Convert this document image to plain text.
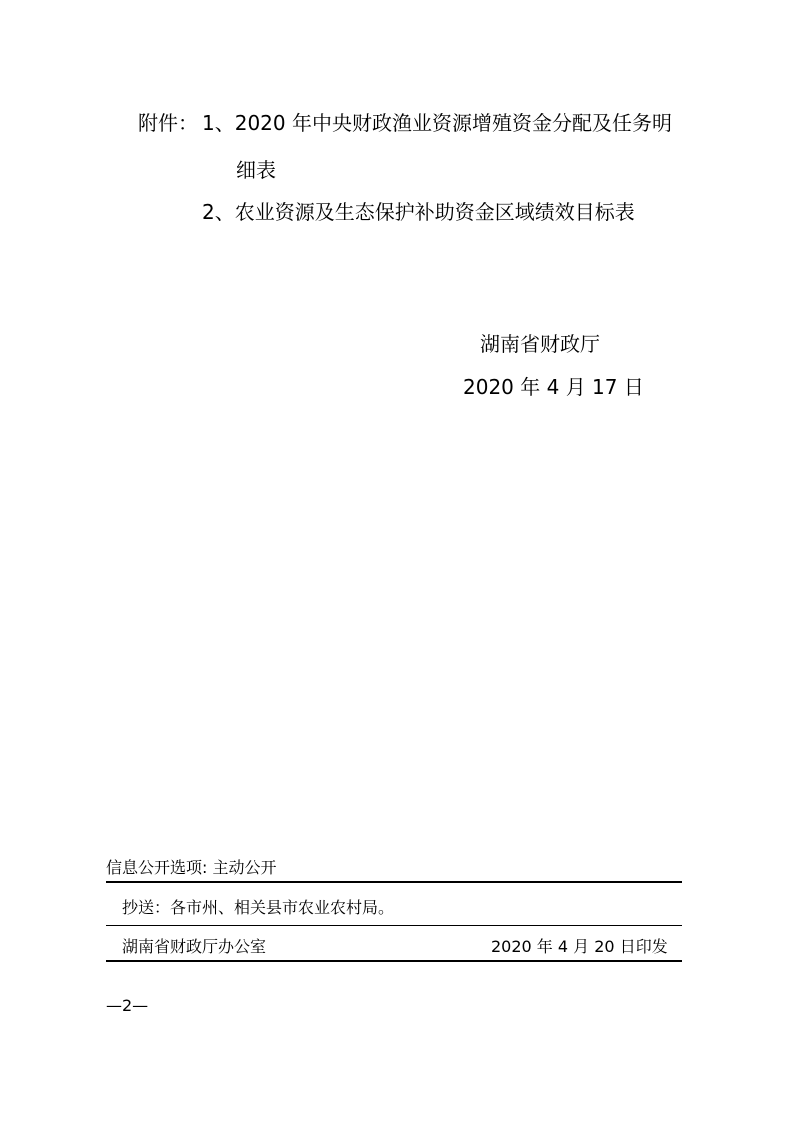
附件： 1、2020 年中央财政渔业资源增殖资金分配及任务明
细表
2、农业资源及生态保护补助资金区域绩效目标表
湖南省财政厅
2020 年 4 月 17 日
信息公开选项: 主动公开
抄送：各市州、相关县市农业农村局。
湖南省财政厅办公室	2020 年 4 月 20 日印发
—2—
